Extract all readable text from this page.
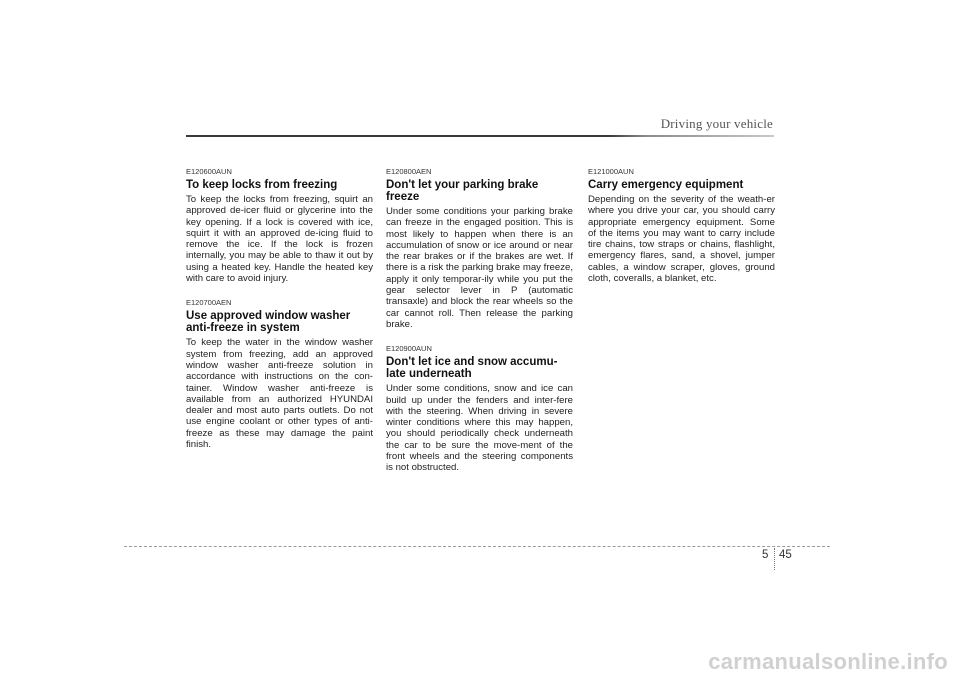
Driving your vehicle
E120600AUN
To keep locks from freezing

To keep the locks from freezing, squirt an approved de-icer fluid or glycerine into the key opening. If a lock is covered with ice, squirt it with an approved de-icing fluid to remove the ice. If the lock is frozen internally, you may be able to thaw it out by using a heated key. Handle the heated key with care to avoid injury.

E120700AEN
Use approved window washer anti-freeze in system

To keep the water in the window washer system from freezing, add an approved window washer anti-freeze solution in accordance with instructions on the con-tainer. Window washer anti-freeze is available from an authorized HYUNDAI dealer and most auto parts outlets. Do not use engine coolant or other types of anti-freeze as these may damage the paint finish.

E120800AEN
Don't let your parking brake freeze

Under some conditions your parking brake can freeze in the engaged position. This is most likely to happen when there is an accumulation of snow or ice around or near the rear brakes or if the brakes are wet. If there is a risk the parking brake may freeze, apply it only temporar-ily while you put the gear selector lever in P (automatic transaxle) and block the rear wheels so the car cannot roll. Then release the parking brake.

E120900AUN
Don't let ice and snow accumu-late underneath

Under some conditions, snow and ice can build up under the fenders and inter-fere with the steering. When driving in severe winter conditions where this may happen, you should periodically check underneath the car to be sure the move-ment of the front wheels and the steering components is not obstructed.

E121000AUN
Carry emergency equipment

Depending on the severity of the weath-er where you drive your car, you should carry appropriate emergency equipment. Some of the items you may want to carry include tire chains, tow straps or chains, flashlight, emergency flares, sand, a shovel, jumper cables, a window scraper, gloves, ground cloth, coveralls, a blanket, etc.

5 45
carmanualsonline.info
